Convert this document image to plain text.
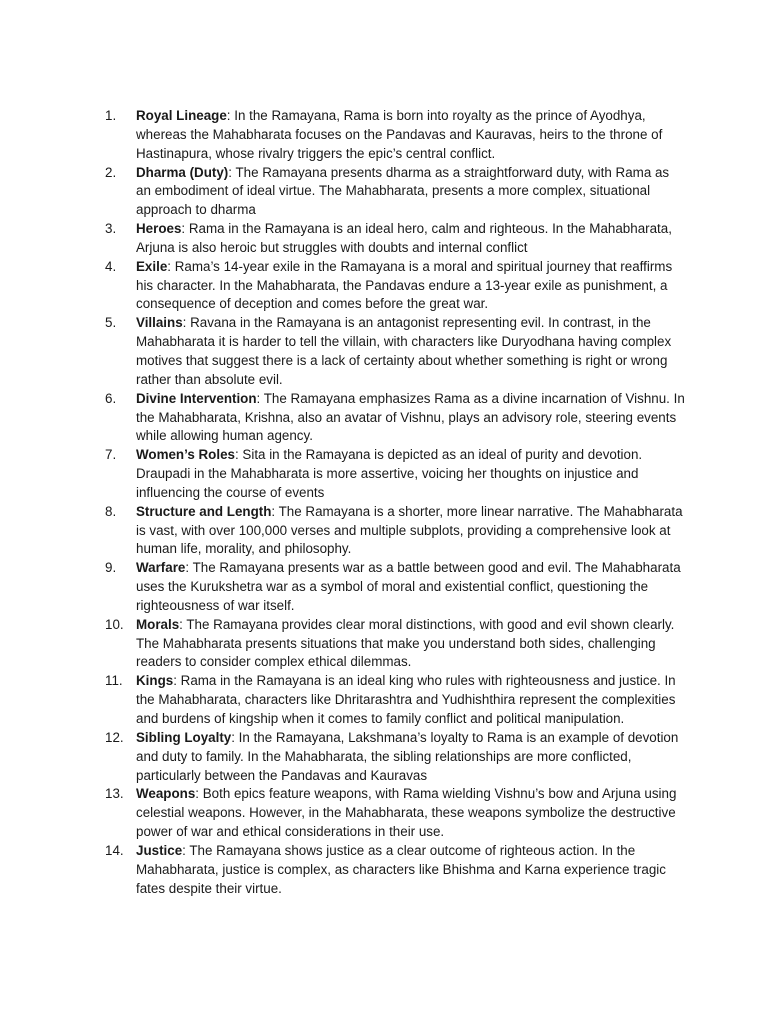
1.	Royal Lineage: In the Ramayana, Rama is born into royalty as the prince of Ayodhya, whereas the Mahabharata focuses on the Pandavas and Kauravas, heirs to the throne of Hastinapura, whose rivalry triggers the epic’s central conflict.
2.	Dharma (Duty): The Ramayana presents dharma as a straightforward duty, with Rama as an embodiment of ideal virtue. The Mahabharata, presents a more complex, situational approach to dharma
3.	Heroes: Rama in the Ramayana is an ideal hero, calm and righteous. In the Mahabharata, Arjuna is also heroic but struggles with doubts and internal conflict
4.	Exile: Rama’s 14-year exile in the Ramayana is a moral and spiritual journey that reaffirms his character. In the Mahabharata, the Pandavas endure a 13-year exile as punishment, a consequence of deception and comes before the great war.
5.	Villains: Ravana in the Ramayana is an antagonist representing evil. In contrast, in the Mahabharata it is harder to tell the villain, with characters like Duryodhana having complex motives that suggest there is a lack of certainty about whether something is right or wrong rather than absolute evil.
6.	Divine Intervention: The Ramayana emphasizes Rama as a divine incarnation of Vishnu. In the Mahabharata, Krishna, also an avatar of Vishnu, plays an advisory role, steering events while allowing human agency.
7.	Women’s Roles: Sita in the Ramayana is depicted as an ideal of purity and devotion. Draupadi in the Mahabharata is more assertive, voicing her thoughts on injustice and influencing the course of events
8.	Structure and Length: The Ramayana is a shorter, more linear narrative. The Mahabharata is vast, with over 100,000 verses and multiple subplots, providing a comprehensive look at human life, morality, and philosophy.
9.	Warfare: The Ramayana presents war as a battle between good and evil. The Mahabharata uses the Kurukshetra war as a symbol of moral and existential conflict, questioning the righteousness of war itself.
10. Morals: The Ramayana provides clear moral distinctions, with good and evil shown clearly. The Mahabharata presents situations that make you understand both sides, challenging readers to consider complex ethical dilemmas.
11. Kings: Rama in the Ramayana is an ideal king who rules with righteousness and justice. In the Mahabharata, characters like Dhritarashtra and Yudhishthira represent the complexities and burdens of kingship when it comes to family conflict and political manipulation.
12. Sibling Loyalty: In the Ramayana, Lakshmana’s loyalty to Rama is an example of devotion and duty to family. In the Mahabharata, the sibling relationships are more conflicted, particularly between the Pandavas and Kauravas
13. Weapons: Both epics feature weapons, with Rama wielding Vishnu’s bow and Arjuna using celestial weapons. However, in the Mahabharata, these weapons symbolize the destructive power of war and ethical considerations in their use.
14. Justice: The Ramayana shows justice as a clear outcome of righteous action. In the Mahabharata, justice is complex, as characters like Bhishma and Karna experience tragic fates despite their virtue.
